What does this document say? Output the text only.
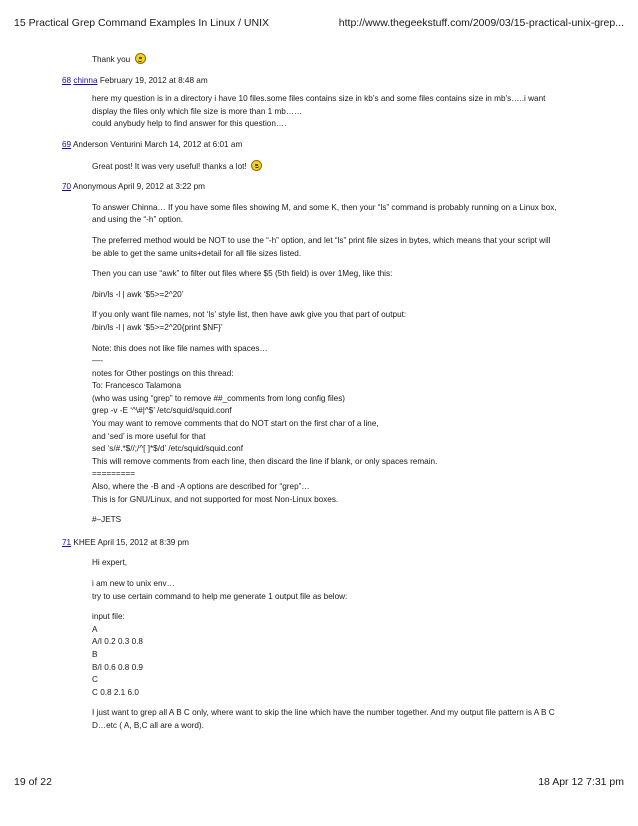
15 Practical Grep Command Examples In Linux / UNIX	http://www.thegeekstuff.com/2009/03/15-practical-unix-grep...

Thank you

68 chinna February 19, 2012 at 8:48 am

here my question is in a directory i have 10 files.some files contains size in kb’s and some files contains size in mb’s…..i want

display the files only which file size is more than 1 mb……

could anybudy help to find answer for this question….

69 Anderson Venturini March 14, 2012 at 6:01 am

Great post! It was very useful! thanks a lot!

70 Anonymous April 9, 2012 at 3:22 pm

To answer Chinna… If you have some files showing M, and some K, then your “ls” command is probably running on a Linux box,

and using the “-h” option.

The preferred method would be NOT to use the “-h” option, and let “ls” print file sizes in bytes, which means that your script will

be able to get the same units+detail for all file sizes listed.

Then you can use “awk” to filter out files where $5 (5th field) is over 1Meg, like this:

/bin/ls -l | awk ‘$5>=2^20’

If you only want file names, not ‘ls’ style list, then have awk give you that part of output:

/bin/ls -l | awk ‘$5>=2^20{print $NF}’

Note: this does not like file names with spaces…

—-

notes for Other postings on this thread:

To: Francesco Talamona

(who was using “grep” to remove ##_comments from long config files)

grep -v -E ‘^\#|^$’ /etc/squid/squid.conf

You may want to remove comments that do NOT start on the first char of a line,

and ‘sed’ is more useful for that

sed ‘s/#.*$//;/^[ ]*$/d’ /etc/squid/squid.conf

This will remove comments from each line, then discard the line if blank, or only spaces remain.

=========

Also, where the -B and -A options are described for “grep”…

This is for GNU/Linux, and not supported for most Non-Linux boxes.

#–JETS

71 KHEE April 15, 2012 at 8:39 pm

Hi expert,

i am new to unix env…

try to use certain command to help me generate 1 output file as below:

input file:

A

A/I 0.2 0.3 0.8

B

B/I 0.6 0.8 0.9

C

C 0.8 2.1 6.0

I just want to grep all A B C only, where want to skip the line which have the number together. And my output file pattern is A B C

D…etc ( A, B,C all are a word).

19 of 22	18 Apr 12 7:31 pm
